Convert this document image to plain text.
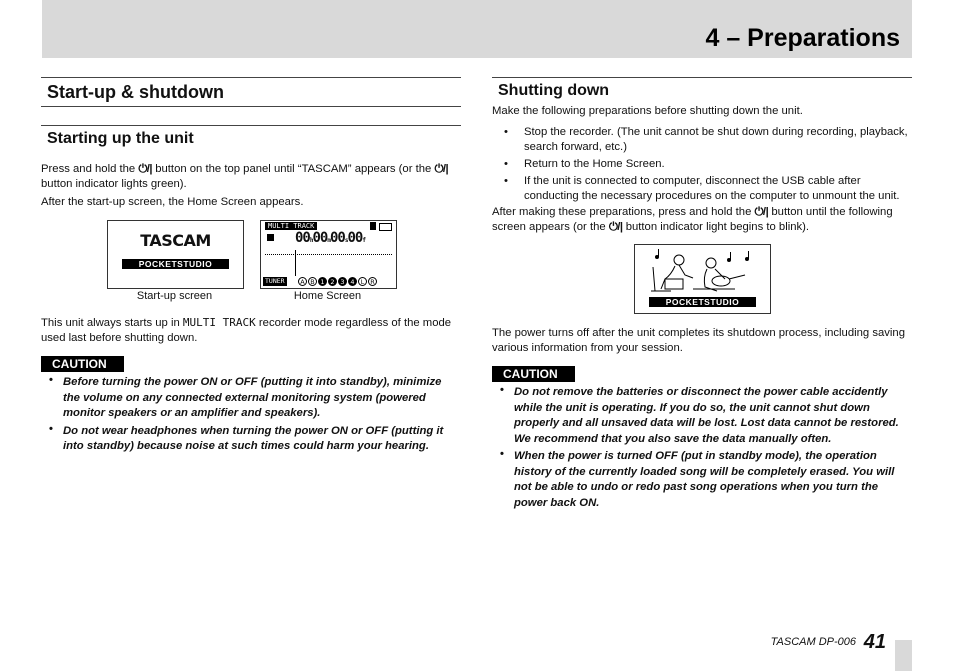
4 – Preparations
Start-up & shutdown
Starting up the unit

Press and hold the ⏻/| button on the top panel until “TASCAM” appears (or the ⏻/| button indicator lights green).

After the start-up screen, the Home Screen appears.

TASCAM
POCKETSTUDIO
Start-up screen
MULTI TRACK
00h00m00s00f
TUNER	A B 1 2 3 4 L R
Home Screen

This unit always starts up in MULTI TRACK recorder mode regardless of the mode used last before shutting down.

CAUTION
• Before turning the power ON or OFF (putting it into standby), minimize the volume on any connected external monitoring system (powered monitor speakers or an amplifier and speakers).
• Do not wear headphones when turning the power ON or OFF (putting it into standby) because noise at such times could harm your hearing.
Shutting down

Make the following preparations before shutting down the unit.

• Stop the recorder. (The unit cannot be shut down during recording, playback, search forward, etc.)
• Return to the Home Screen.
• If the unit is connected to computer, disconnect the USB cable after conducting the necessary procedures on the computer to unmount the unit.

After making these preparations, press and hold the ⏻/| button until the following screen appears (or the ⏻/| button indicator light begins to blink).

POCKETSTUDIO

The power turns off after the unit completes its shutdown process, including saving various information from your session.

CAUTION
• Do not remove the batteries or disconnect the power cable accidently while the unit is operating. If you do so, the unit cannot shut down properly and all unsaved data will be lost. Lost data cannot be restored. We recommend that you also save the data manually often.
• When the power is turned OFF (put in standby mode), the operation history of the currently loaded song will be completely erased. You will not be able to undo or redo past song operations when you turn the power back ON.
TASCAM DP-006 41
